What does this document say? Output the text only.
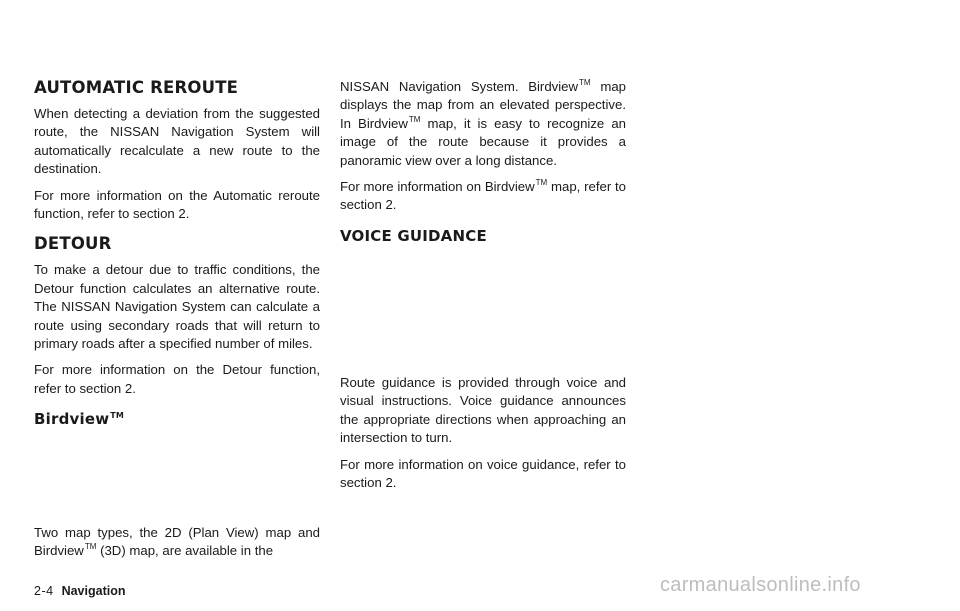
AUTOMATIC REROUTE

When detecting a deviation from the suggested route, the NISSAN Navigation System will automatically recalculate a new route to the destination.

For more information on the Automatic reroute function, refer to section 2.

DETOUR

To make a detour due to traffic conditions, the Detour function calculates an alternative route. The NISSAN Navigation System can calculate a route using secondary roads that will return to primary roads after a specified number of miles.

For more information on the Detour function, refer to section 2.

Birdview™

Two map types, the 2D (Plan View) map and Birdview™ (3D) map, are available in the

NISSAN Navigation System. Birdview™ map displays the map from an elevated perspective. In Birdview™ map, it is easy to recognize an image of the route because it provides a panoramic view over a long distance.

For more information on Birdview™ map, refer to section 2.

VOICE GUIDANCE

Route guidance is provided through voice and visual instructions. Voice guidance announces the appropriate directions when approaching an intersection to turn.

For more information on voice guidance, refer to section 2.

2-4 Navigation	carmanualsonline.info
